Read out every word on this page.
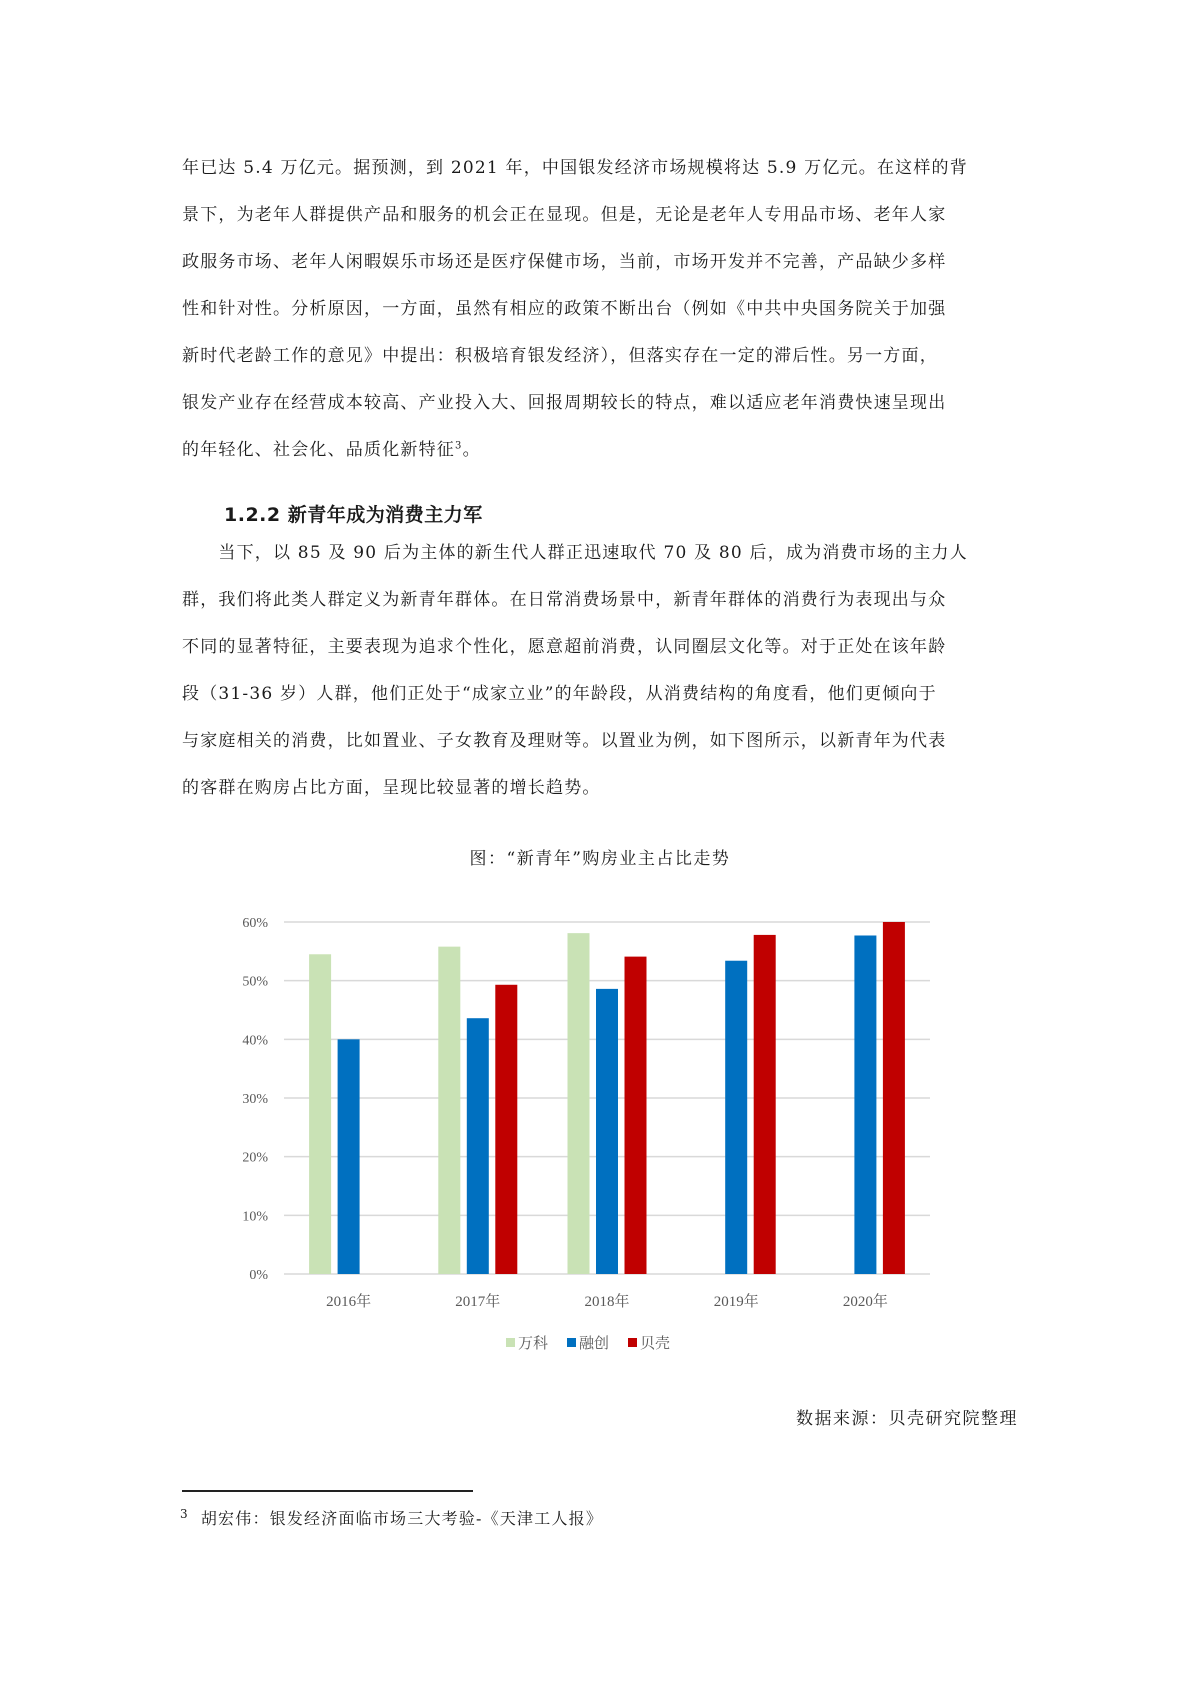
年已达 5.4 万亿元。据预测，到 2021 年，中国银发经济市场规模将达 5.9 万亿元。在这样的背
景下，为老年人群提供产品和服务的机会正在显现。但是，无论是老年人专用品市场、老年人家
政服务市场、老年人闲暇娱乐市场还是医疗保健市场，当前，市场开发并不完善，产品缺少多样
性和针对性。分析原因，一方面，虽然有相应的政策不断出台（例如《中共中央国务院关于加强
新时代老龄工作的意见》中提出：积极培育银发经济），但落实存在一定的滞后性。另一方面，
银发产业存在经营成本较高、产业投入大、回报周期较长的特点，难以适应老年消费快速呈现出
的年轻化、社会化、品质化新特征$^3$。
1.2.2 新青年成为消费主力军
　　当下，以 85 及 90 后为主体的新生代人群正迅速取代 70 及 80 后，成为消费市场的主力人
群，我们将此类人群定义为新青年群体。在日常消费场景中，新青年群体的消费行为表现出与众
不同的显著特征，主要表现为追求个性化，愿意超前消费，认同圈层文化等。对于正处在该年龄
段（31-36 岁）人群，他们正处于“成家立业”的年龄段，从消费结构的角度看，他们更倾向于
与家庭相关的消费，比如置业、子女教育及理财等。以置业为例，如下图所示，以新青年为代表
的客群在购房占比方面，呈现比较显著的增长趋势。
图：“新青年”购房业主占比走势
0%
10%
20%
30%
40%
50%
60%
2016年	2017年	2018年	2019年	2020年
万科 融创 贝壳
数据来源：贝壳研究院整理
$^3$ 胡宏伟：银发经济面临市场三大考验-《天津工人报》
